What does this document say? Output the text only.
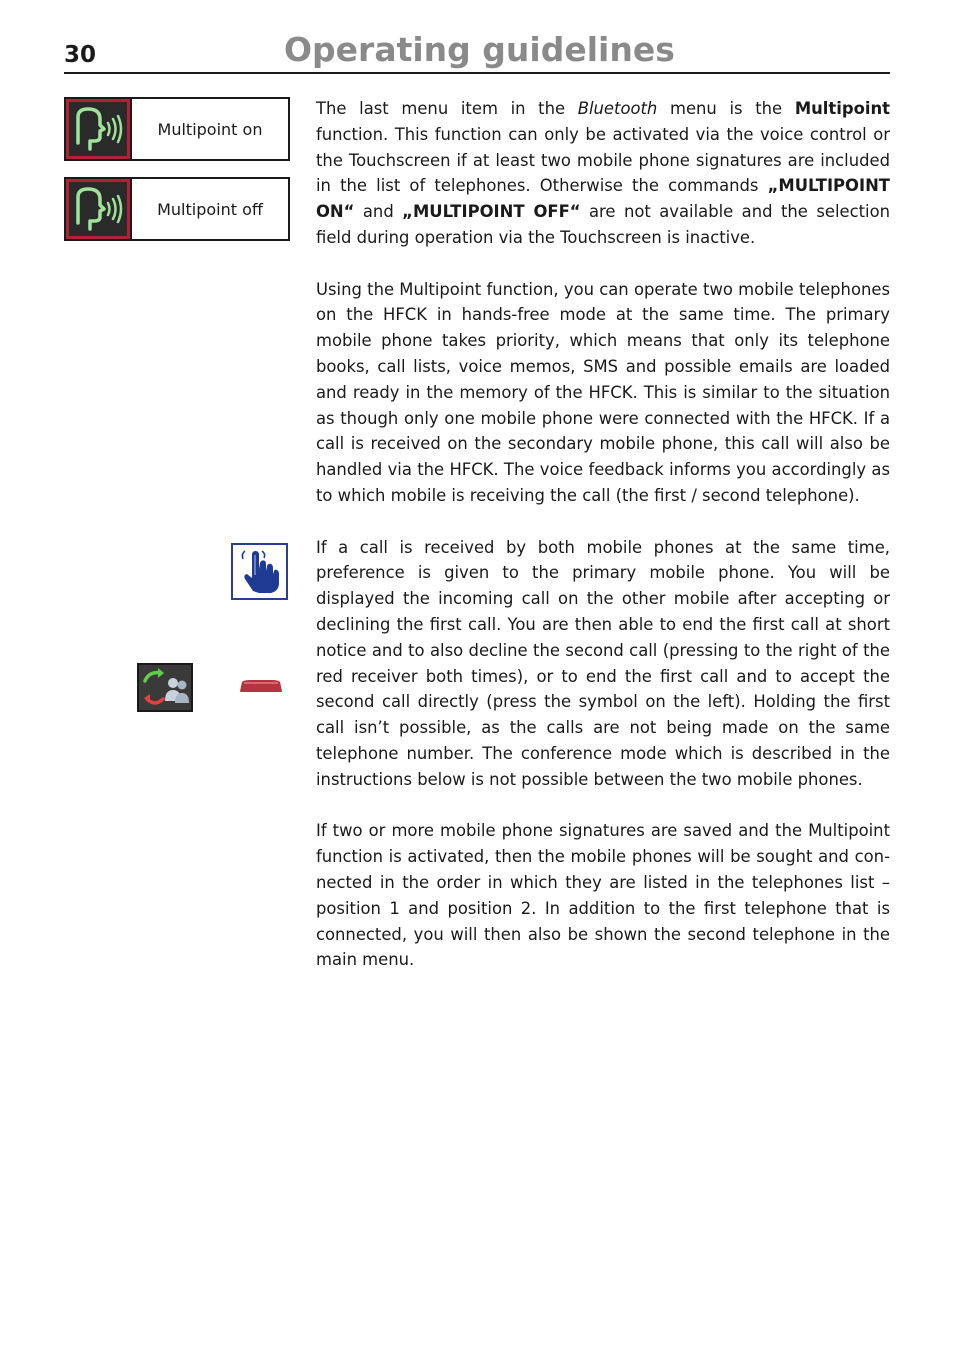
30	Operating guidelines
Multipoint on
Multipoint off

The last menu item in the Bluetooth menu is the Multipoint function. This function can only be activated via the voice control or the Touchscreen if at least two mobile phone signatures are included in the list of telephones. Otherwise the commands „MULTIPOINT ON“ and „MULTIPOINT OFF“ are not available and the selection field during operation via the Touchscreen is inactive.

Using the Multipoint function, you can operate two mobile telephones on the HFCK in hands-free mode at the same time. The primary mobile phone takes priority, which means that only its telephone books, call lists, voice memos, SMS and possible emails are loaded and ready in the memory of the HFCK. This is similar to the situation as though only one mobile phone were connected with the HFCK. If a call is received on the secondary mobile phone, this call will also be handled via the HFCK. The voice feedback informs you accordingly as to which mobile is receiving the call (the first / second telephone).

If a call is received by both mobile phones at the same time, preference is given to the primary mobile phone. You will be displayed the incoming call on the other mobile after accepting or declining the first call. You are then able to end the first call at short notice and to also decline the second call (pressing to the right of the red receiver both times), or to end the first call and to accept the second call directly (press the symbol on the left). Holding the first call isn’t possible, as the calls are not being made on the same telephone number. The conference mode which is described in the instructions below is not possible between the two mobile phones.

If two or more mobile phone signatures are saved and the Multipoint function is activated, then the mobile phones will be sought and connected in the order in which they are listed in the telephones list – position 1 and position 2. In addition to the first telephone that is connected, you will then also be shown the second telephone in the main menu.
